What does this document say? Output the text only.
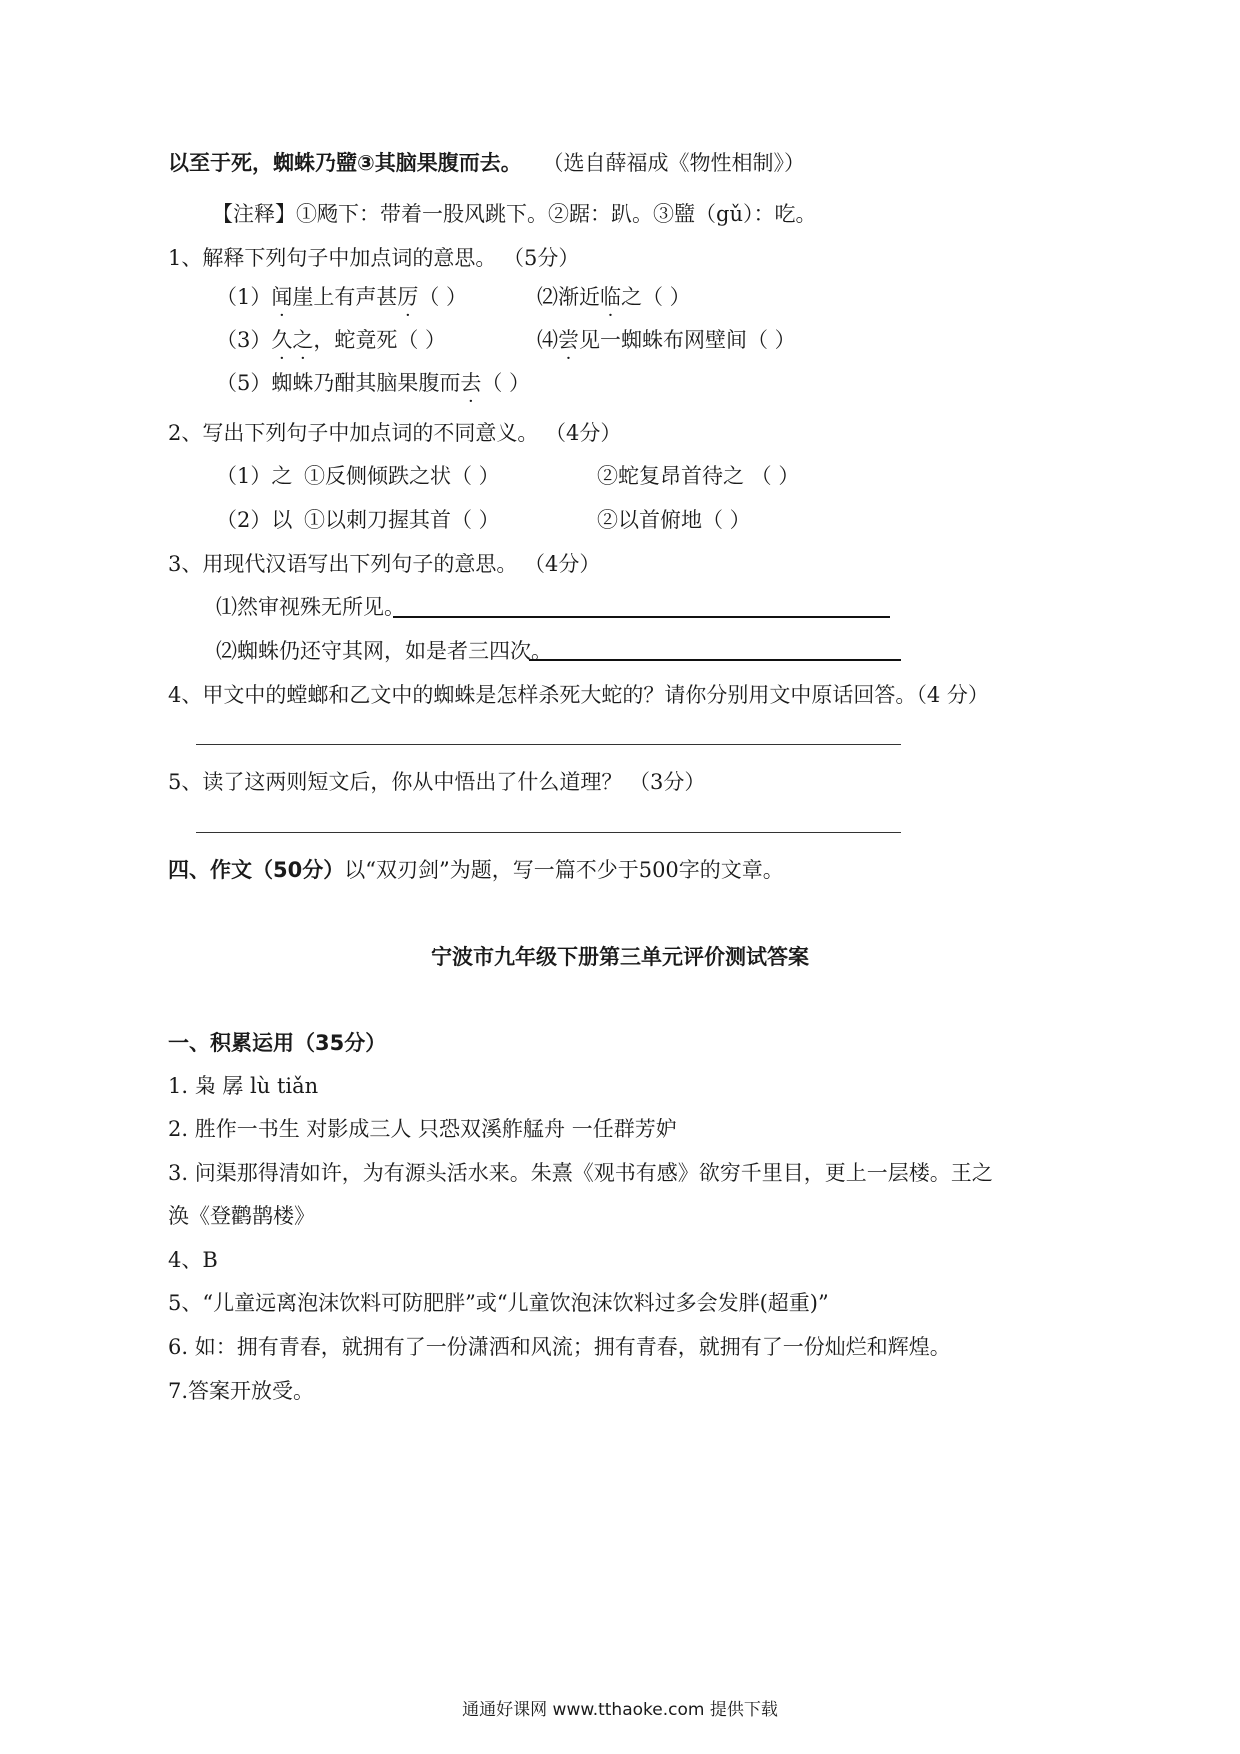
以至于死，蜘蛛乃盬③其脑果腹而去。 （选自薛福成《物性相制》）
【注释】①飏下：带着一股风跳下。②踞：趴。③盬（gǔ）：吃。
1、解释下列句子中加点词的意思。 （5分）
（1）闻崖上有声甚厉（ ）	⑵渐近临之（ ）
（3）久之，蛇竟死（ ）	⑷尝见一蜘蛛布网壁间（ ）
（5）蜘蛛乃酣其脑果腹而去（ ）
2、写出下列句子中加点词的不同意义。 （4分）
（1）之 ①反侧倾跌之状（ ）	②蛇复昂首待之 （ ）
（2）以 ①以刺刀握其首（ ）	②以首俯地（ ）
3、用现代汉语写出下列句子的意思。 （4分）
⑴然审视殊无所见。
⑵蜘蛛仍还守其网，如是者三四次。
4、甲文中的螳螂和乙文中的蜘蛛是怎样杀死大蛇的？请你分别用文中原话回答。（4 分）
5、读了这两则短文后，你从中悟出了什么道理？ （3分）
四、作文（50分）以“双刃剑”为题，写一篇不少于500字的文章。
宁波市九年级下册第三单元评价测试答案
一、积累运用（35分）
1. 枭 孱 lù tiǎn
2. 胜作一书生 对影成三人 只恐双溪舴艋舟 一任群芳妒
3. 问渠那得清如许，为有源头活水来。朱熹《观书有感》欲穷千里目，更上一层楼。王之
涣《登鹳鹊楼》
4、B
5、“儿童远离泡沫饮料可防肥胖”或“儿童饮泡沫饮料过多会发胖(超重)”
6. 如：拥有青春，就拥有了一份潇洒和风流；拥有青春，就拥有了一份灿烂和辉煌。
7.答案开放受。
通通好课网 www.tthaoke.com 提供下载
